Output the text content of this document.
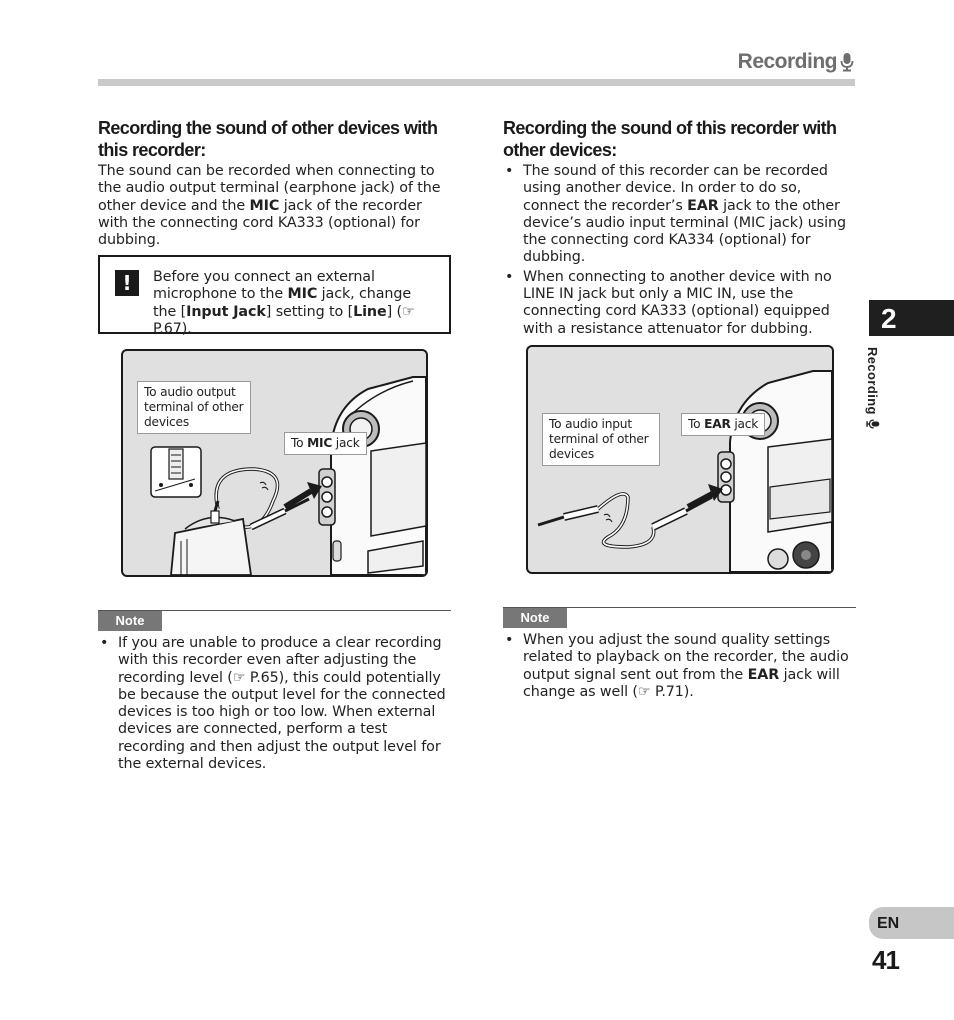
Recording
Recording the sound of other devices with this recorder:
The sound can be recorded when connecting to the audio output terminal (earphone jack) of the other device and the MIC jack of the recorder with the connecting cord KA333 (optional) for dubbing.
!	Before you connect an external microphone to the MIC jack, change the [Input Jack] setting to [Line] (☞ P.67).
To audio output terminal of other devices
To MIC jack
Note
• If you are unable to produce a clear recording with this recorder even after adjusting the recording level (☞ P.65), this could potentially be because the output level for the connected devices is too high or too low. When external devices are connected, perform a test recording and then adjust the output level for the external devices.
Recording the sound of this recorder with other devices:
• The sound of this recorder can be recorded using another device. In order to do so, connect the recorder’s EAR jack to the other device’s audio input terminal (MIC jack) using the connecting cord KA334 (optional) for dubbing.
• When connecting to another device with no LINE IN jack but only a MIC IN, use the connecting cord KA333 (optional) equipped with a resistance attenuator for dubbing.
To audio input terminal of other devices
To EAR jack
Note
• When you adjust the sound quality settings related to playback on the recorder, the audio output signal sent out from the EAR jack will change as well (☞ P.71).
2
Recording
EN
41
